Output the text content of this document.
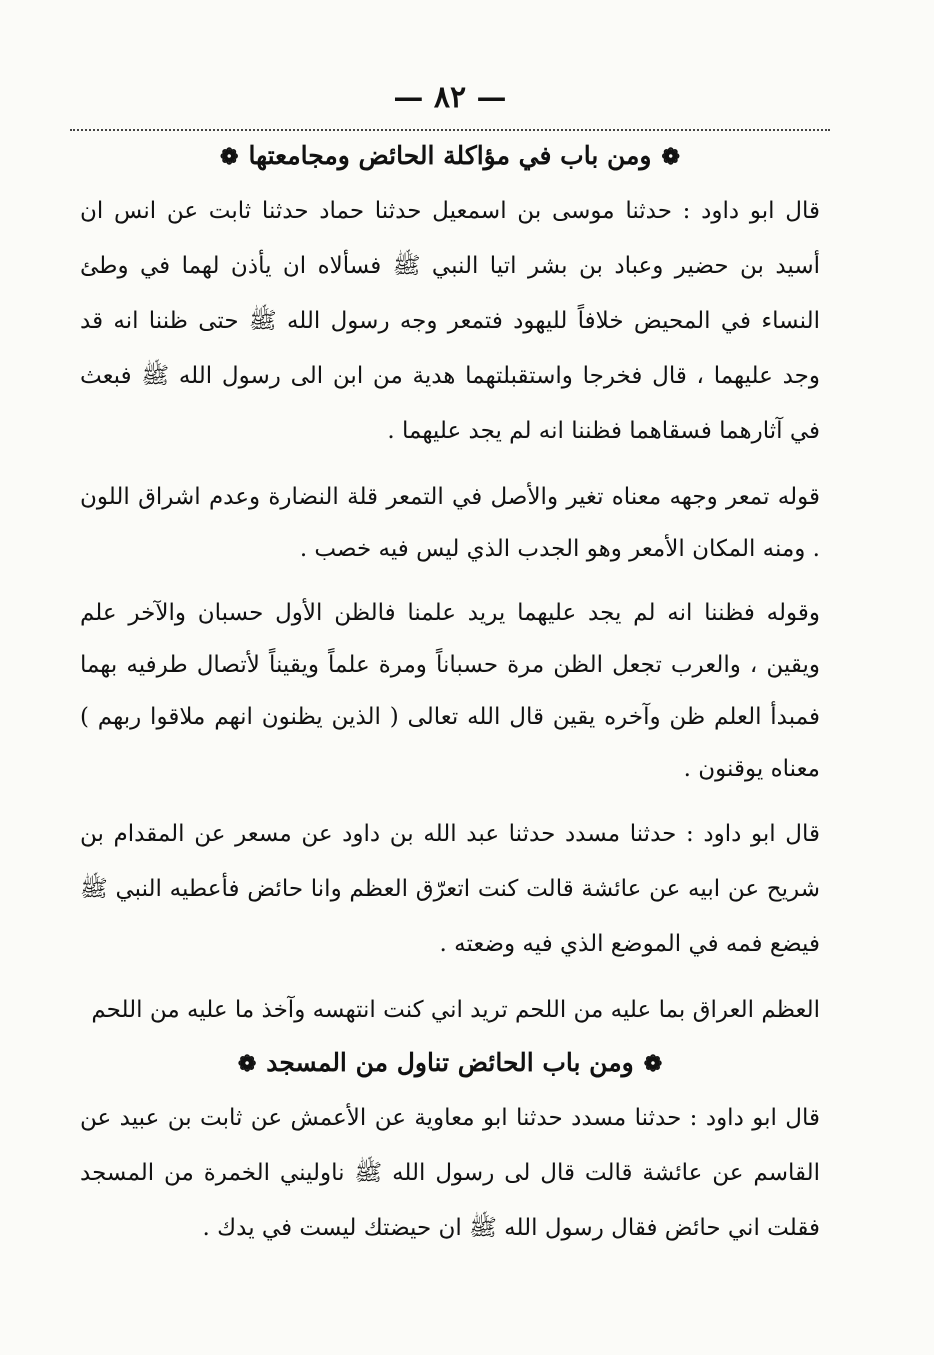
— ٨٢ —
❁ومن باب في مؤاكلة الحائض ومجامعتها❁

قال ابو داود : حدثنا موسى بن اسمعيل حدثنا حماد حدثنا ثابت عن انس ان أسيد بن حضير وعباد بن بشر اتيا النبي ﷺ فسألاه ان يأذن لهما في وطئ النساء في المحيض خلافاً لليهود فتمعر وجه رسول الله ﷺ حتى ظننا انه قد وجد عليهما ، قال فخرجا واستقبلتهما هدية من ابن الى رسول الله ﷺ فبعث في آثارهما فسقاهما فظننا انه لم يجد عليهما .

قوله تمعر وجهه معناه تغير والأصل في التمعر قلة النضارة وعدم اشراق اللون . ومنه المكان الأمعر وهو الجدب الذي ليس فيه خصب .

وقوله فظننا انه لم يجد عليهما يريد علمنا فالظن الأول حسبان والآخر علم ويقين ، والعرب تجعل الظن مرة حسباناً ومرة علماً ويقيناً لأتصال طرفيه بهما فمبدأ العلم ظن وآخره يقين قال الله تعالى ( الذين يظنون انهم ملاقوا ربهم ) معناه يوقنون .

قال ابو داود : حدثنا مسدد حدثنا عبد الله بن داود عن مسعر عن المقدام بن شريح عن ابيه عن عائشة قالت كنت اتعرّق العظم وانا حائض فأعطيه النبي ﷺ فيضع فمه في الموضع الذي فيه وضعته .

العظم العراق بما عليه من اللحم تريد اني كنت انتهسه وآخذ ما عليه من اللحم

❁ومن باب الحائض تناول من المسجد❁

قال ابو داود : حدثنا مسدد حدثنا ابو معاوية عن الأعمش عن ثابت بن عبيد عن القاسم عن عائشة قالت قال لى رسول الله ﷺ ناوليني الخمرة من المسجد فقلت اني حائض فقال رسول الله ﷺ ان حيضتك ليست في يدك .
